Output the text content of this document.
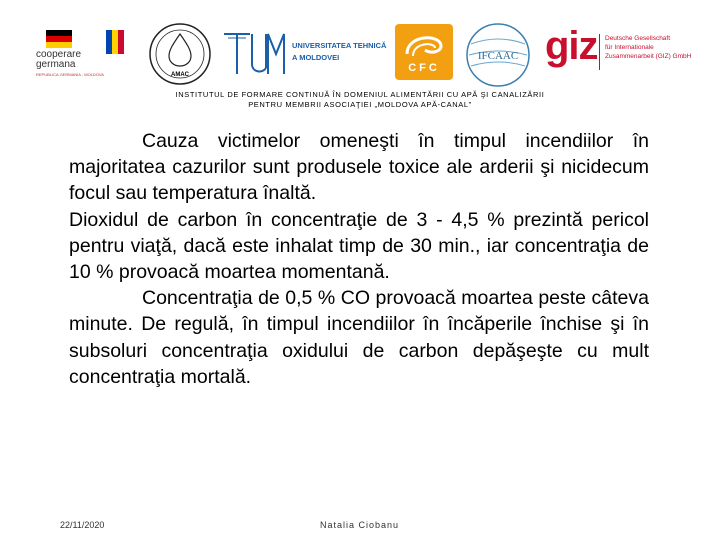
cooperare
germana
REPUBLICA GERMANIA - MOLDOVA	AMAC
UNIVERSITATEA TEHNICĂ
A MOLDOVEI
CFC
IFCAAC giz Deutsche Gesellschaft
für Internationale
Zusammenarbeit (GIZ) GmbH
INSTITUTUL DE FORMARE CONTINUĂ ÎN DOMENIUL ALIMENTĂRII CU APĂ ŞI CANALIZĂRII
PENTRU MEMBRII ASOCIAŢIEI „MOLDOVA APĂ-CANAL”

Cauza victimelor omeneşti în timpul incendiilor în majoritatea cazurilor sunt produsele toxice ale arderii şi nicidecum focul sau temperatura înaltă.

Dioxidul de carbon în concentraţie de 3 - 4,5 % prezintă pericol pentru viaţă, dacă este inhalat timp de 30 min., iar concentraţia de 10 % provoacă moartea momentană.

Concentraţia de 0,5 % CO provoacă moartea peste câteva minute. De regulă, în timpul incendiilor în încăperile închise şi în subsoluri concentraţia oxidului de carbon depăşeşte cu mult concentraţia mortală.

22/11/2020	Natalia Ciobanu
